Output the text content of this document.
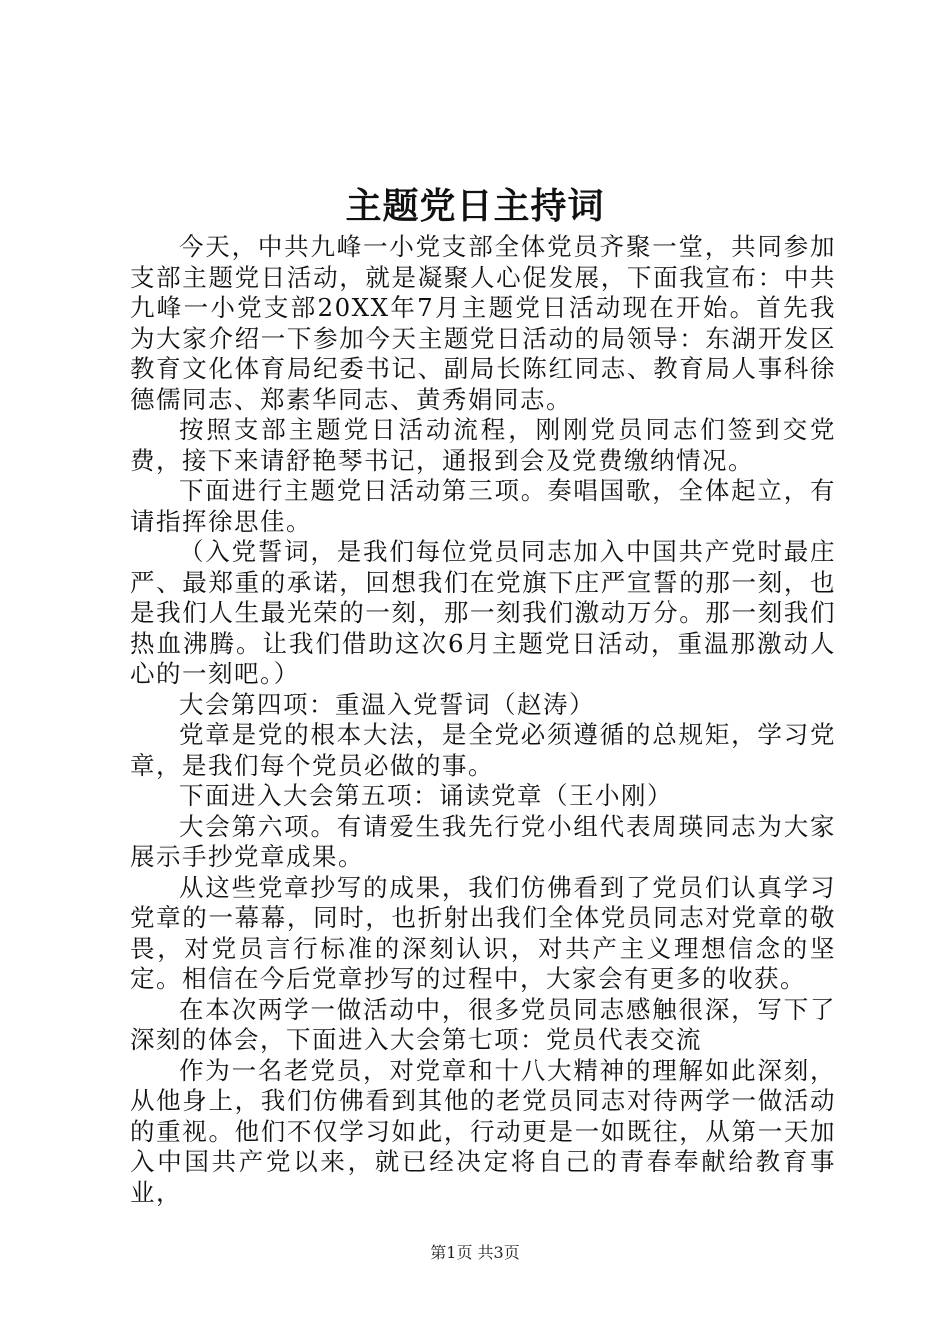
主题党日主持词

今天，中共九峰一小党支部全体党员齐聚一堂，共同参加支部主题党日活动，就是凝聚人心促发展，下面我宣布：中共九峰一小党支部20XX年7月主题党日活动现在开始。首先我为大家介绍一下参加今天主题党日活动的局领导：东湖开发区教育文化体育局纪委书记、副局长陈红同志、教育局人事科徐德儒同志、郑素华同志、黄秀娟同志。

按照支部主题党日活动流程，刚刚党员同志们签到交党费，接下来请舒艳琴书记，通报到会及党费缴纳情况。

下面进行主题党日活动第三项。奏唱国歌，全体起立，有请指挥徐思佳。

（入党誓词，是我们每位党员同志加入中国共产党时最庄严、最郑重的承诺，回想我们在党旗下庄严宣誓的那一刻，也是我们人生最光荣的一刻，那一刻我们激动万分。那一刻我们热血沸腾。让我们借助这次6月主题党日活动，重温那激动人心的一刻吧。）

大会第四项：重温入党誓词（赵涛）

党章是党的根本大法，是全党必须遵循的总规矩，学习党章，是我们每个党员必做的事。

下面进入大会第五项：诵读党章（王小刚）

大会第六项。有请爱生我先行党小组代表周瑛同志为大家展示手抄党章成果。

从这些党章抄写的成果，我们仿佛看到了党员们认真学习党章的一幕幕，同时，也折射出我们全体党员同志对党章的敬畏，对党员言行标准的深刻认识，对共产主义理想信念的坚定。相信在今后党章抄写的过程中，大家会有更多的收获。

在本次两学一做活动中，很多党员同志感触很深，写下了深刻的体会，下面进入大会第七项：党员代表交流

作为一名老党员，对党章和十八大精神的理解如此深刻，从他身上，我们仿佛看到其他的老党员同志对待两学一做活动的重视。他们不仅学习如此，行动更是一如既往，从第一天加入中国共产党以来，就已经决定将自己的青春奉献给教育事业，

第1页 共3页
